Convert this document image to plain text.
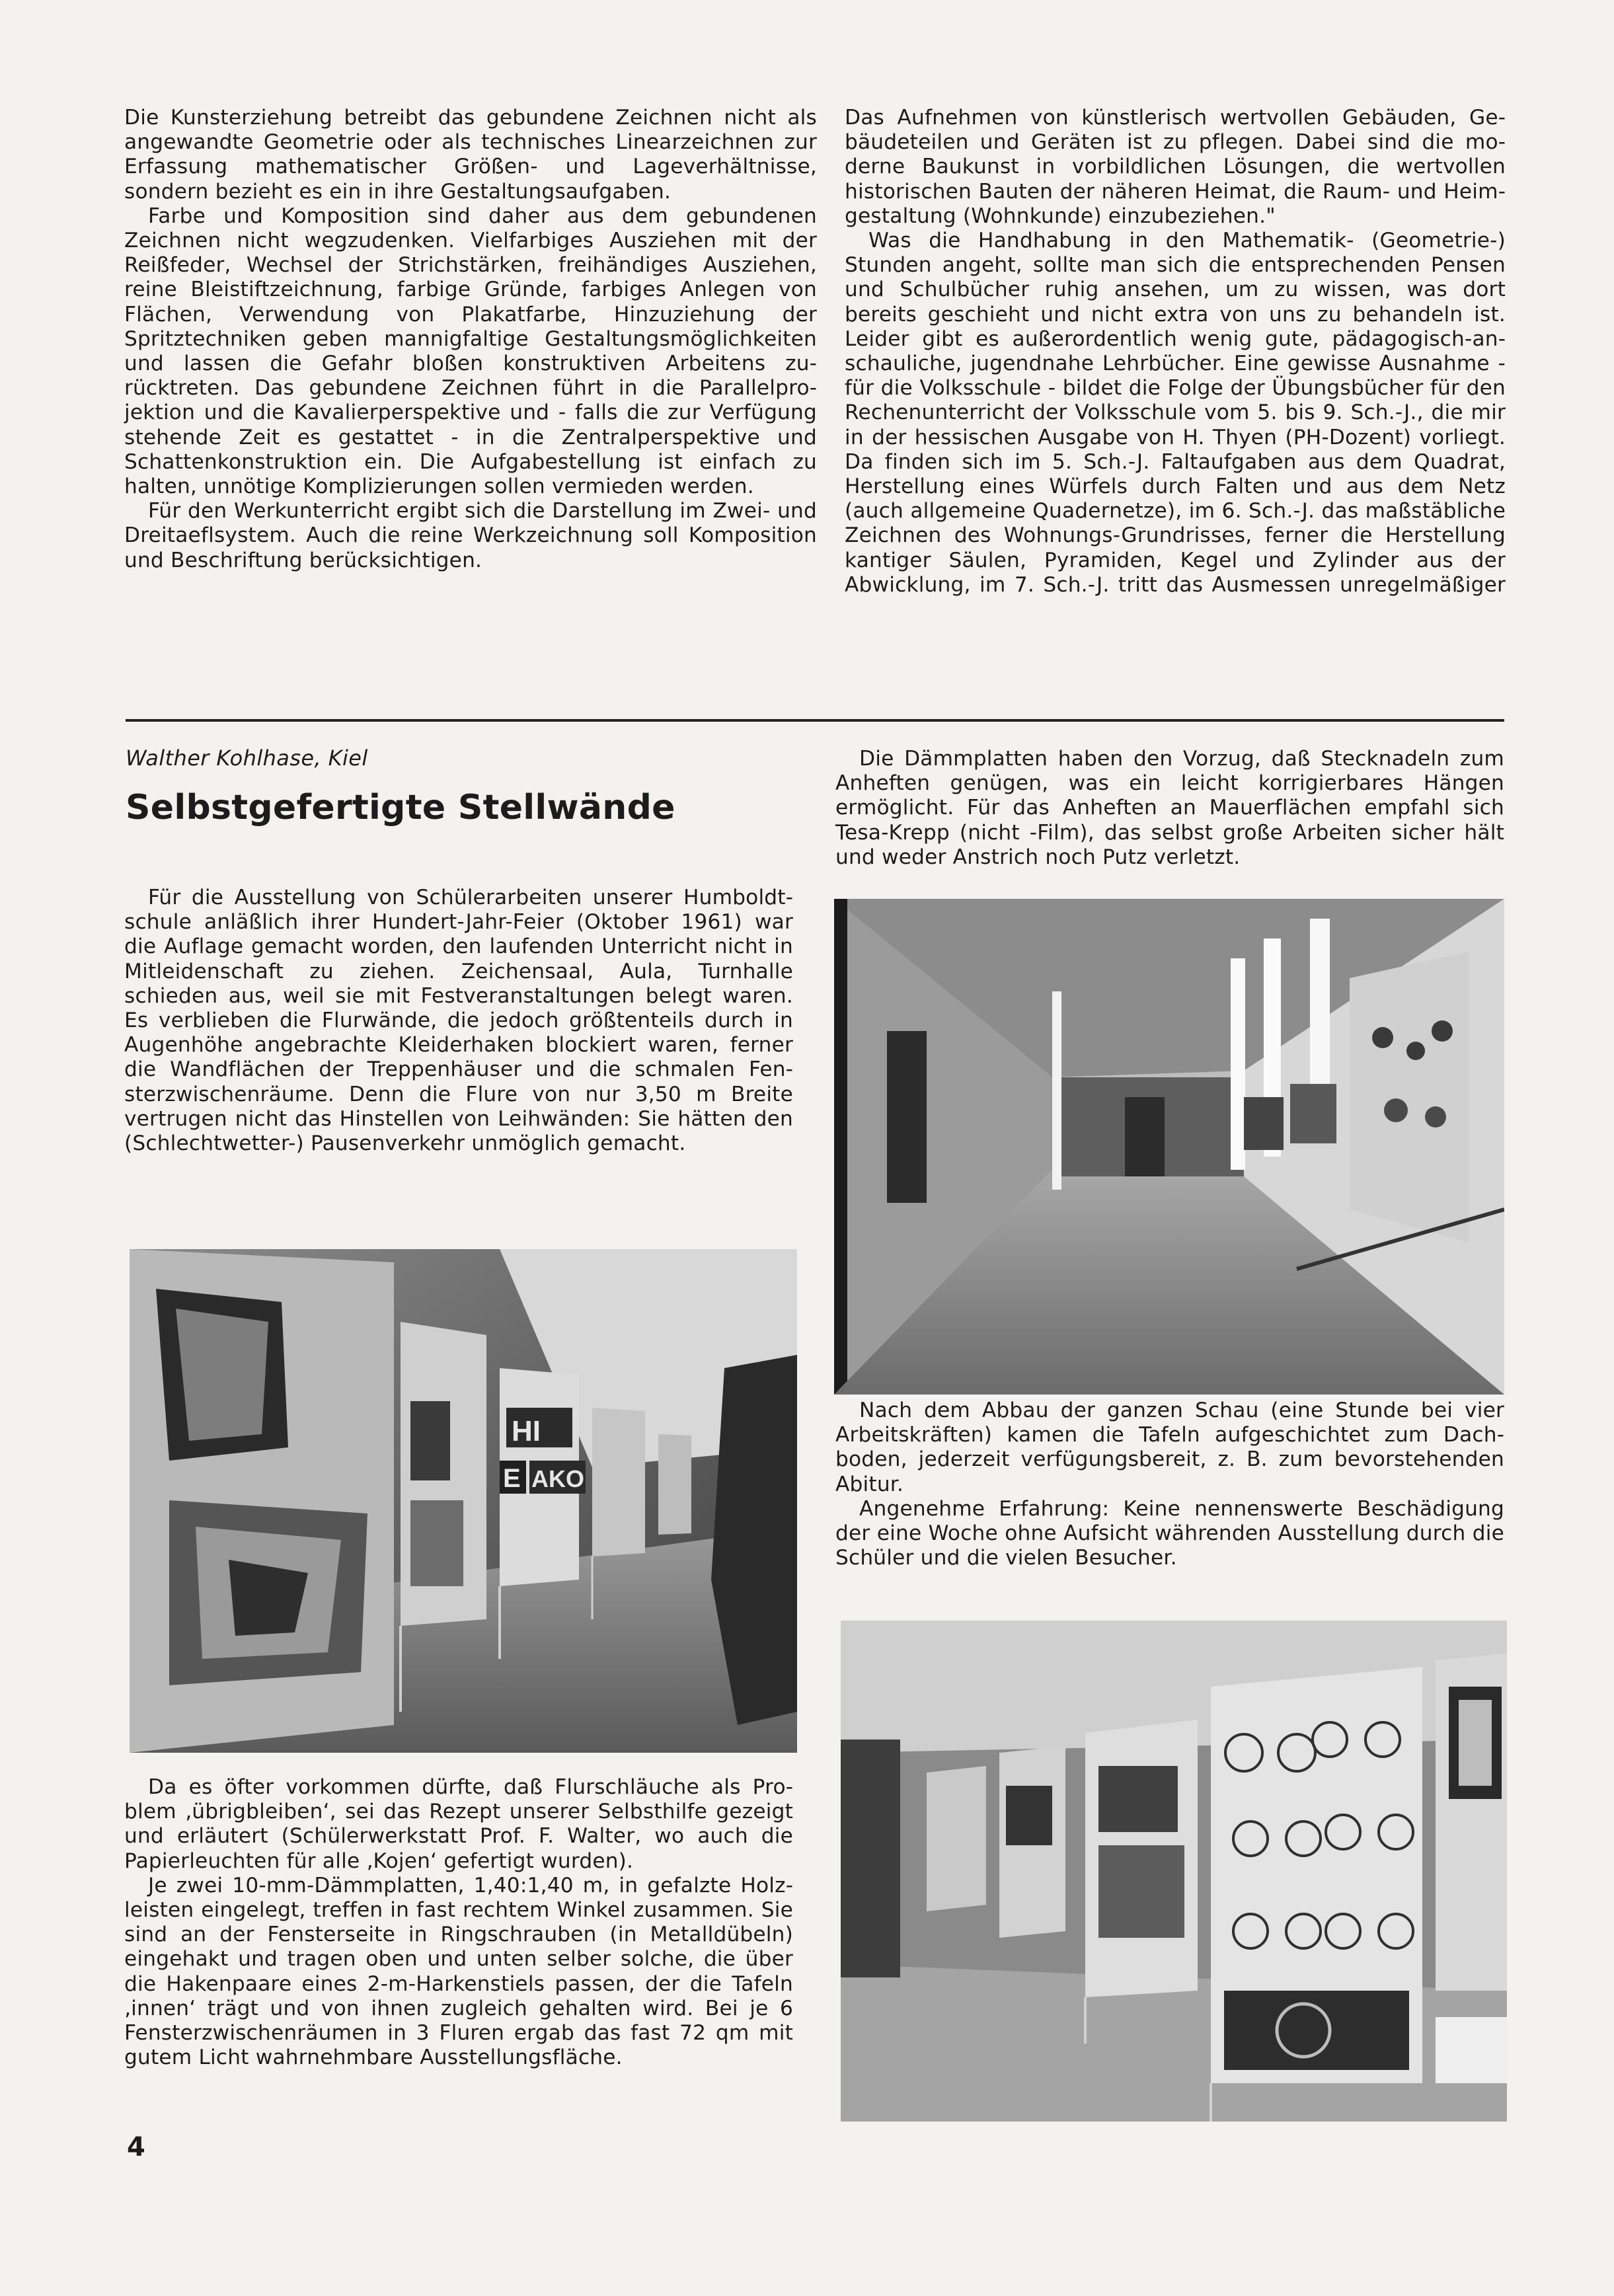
Die Kunsterziehung betreibt das gebundene Zeichnen nicht als angewandte Geometrie oder als technisches Linearzeichnen zur Erfassung mathematischer Größen- und Lageverhältnisse, sondern bezieht es ein in ihre Gestaltungsaufgaben.

Farbe und Komposition sind daher aus dem gebundenen Zeichnen nicht wegzudenken. Vielfarbiges Ausziehen mit der Reißfeder, Wechsel der Strichstärken, freihändiges Ausziehen, reine Bleistiftzeichnung, farbige Gründe, farbiges Anlegen von Flächen, Verwendung von Plakatfarbe, Hinzuziehung der Spritztechniken geben mannigfaltige Gestaltungsmöglichkeiten und lassen die Gefahr bloßen konstruktiven Arbeitens zurücktreten. Das gebundene Zeichnen führt in die Parallelprojektion und die Kavalierperspektive und - falls die zur Verfügung stehende Zeit es gestattet - in die Zentralperspektive und Schattenkonstruktion ein. Die Aufgabestellung ist einfach zu halten, unnötige Komplizierungen sollen vermieden werden.

Für den Werkunterricht ergibt sich die Darstellung im Zwei- und Dreitaeflsystem. Auch die reine Werkzeichnung soll Komposition und Beschriftung berücksichtigen.

Das Aufnehmen von künstlerisch wertvollen Gebäuden, Gebäudeteilen und Geräten ist zu pflegen. Dabei sind die moderne Baukunst in vorbildlichen Lösungen, die wertvollen historischen Bauten der näheren Heimat, die Raum- und Heimgestaltung (Wohnkunde) einzubeziehen."

Was die Handhabung in den Mathematik- (Geometrie-) Stunden angeht, sollte man sich die entsprechenden Pensen und Schulbücher ruhig ansehen, um zu wissen, was dort bereits geschieht und nicht extra von uns zu behandeln ist. Leider gibt es außerordentlich wenig gute, pädagogisch-anschauliche, jugendnahe Lehrbücher. Eine gewisse Ausnahme - für die Volksschule - bildet die Folge der Übungsbücher für den Rechenunterricht der Volksschule vom 5. bis 9. Sch.-J., die mir in der hessischen Ausgabe von H. Thyen (PH-Dozent) vorliegt. Da finden sich im 5. Sch.-J. Faltaufgaben aus dem Quadrat, Herstellung eines Würfels durch Falten und aus dem Netz (auch allgemeine Quadernetze), im 6. Sch.-J. das maßstäbliche Zeichnen des Wohnungs-Grundrisses, ferner die Herstellung kantiger Säulen, Pyramiden, Kegel und Zylinder aus der Abwicklung, im 7. Sch.-J. tritt das Ausmessen unregelmäßiger

Walther Kohlhase, Kiel
Selbstgefertigte Stellwände

Für die Ausstellung von Schülerarbeiten unserer Humboldtschule anläßlich ihrer Hundert-Jahr-Feier (Oktober 1961) war die Auflage gemacht worden, den laufenden Unterricht nicht in Mitleidenschaft zu ziehen. Zeichensaal, Aula, Turnhalle schieden aus, weil sie mit Festveranstaltungen belegt waren. Es verblieben die Flurwände, die jedoch größtenteils durch in Augenhöhe angebrachte Kleiderhaken blockiert waren, ferner die Wandflächen der Treppenhäuser und die schmalen Fensterzwischenräume. Denn die Flure von nur 3,50 m Breite vertrugen nicht das Hinstellen von Leihwänden: Sie hätten den (Schlechtwetter-) Pausenverkehr unmöglich gemacht.

HI
E AKO

Da es öfter vorkommen dürfte, daß Flurschläuche als Problem ‚übrigbleiben‘, sei das Rezept unserer Selbsthilfe gezeigt und erläutert (Schülerwerkstatt Prof. F. Walter, wo auch die Papierleuchten für alle ‚Kojen‘ gefertigt wurden).

Je zwei 10-mm-Dämmplatten, 1,40:1,40 m, in gefalzte Holzleisten eingelegt, treffen in fast rechtem Winkel zusammen. Sie sind an der Fensterseite in Ringschrauben (in Metalldübeln) eingehakt und tragen oben und unten selber solche, die über die Hakenpaare eines 2-m-Harkenstiels passen, der die Tafeln ‚innen‘ trägt und von ihnen zugleich gehalten wird. Bei je 6 Fensterzwischenräumen in 3 Fluren ergab das fast 72 qm mit gutem Licht wahrnehmbare Ausstellungsfläche.

Die Dämmplatten haben den Vorzug, daß Stecknadeln zum Anheften genügen, was ein leicht korrigierbares Hängen ermöglicht. Für das Anheften an Mauerflächen empfahl sich Tesa-Krepp (nicht -Film), das selbst große Arbeiten sicher hält und weder Anstrich noch Putz verletzt.

Nach dem Abbau der ganzen Schau (eine Stunde bei vier Arbeitskräften) kamen die Tafeln aufgeschichtet zum Dachboden, jederzeit verfügungsbereit, z. B. zum bevorstehenden Abitur.

Angenehme Erfahrung: Keine nennenswerte Beschädigung der eine Woche ohne Aufsicht währenden Ausstellung durch die Schüler und die vielen Besucher.

4
